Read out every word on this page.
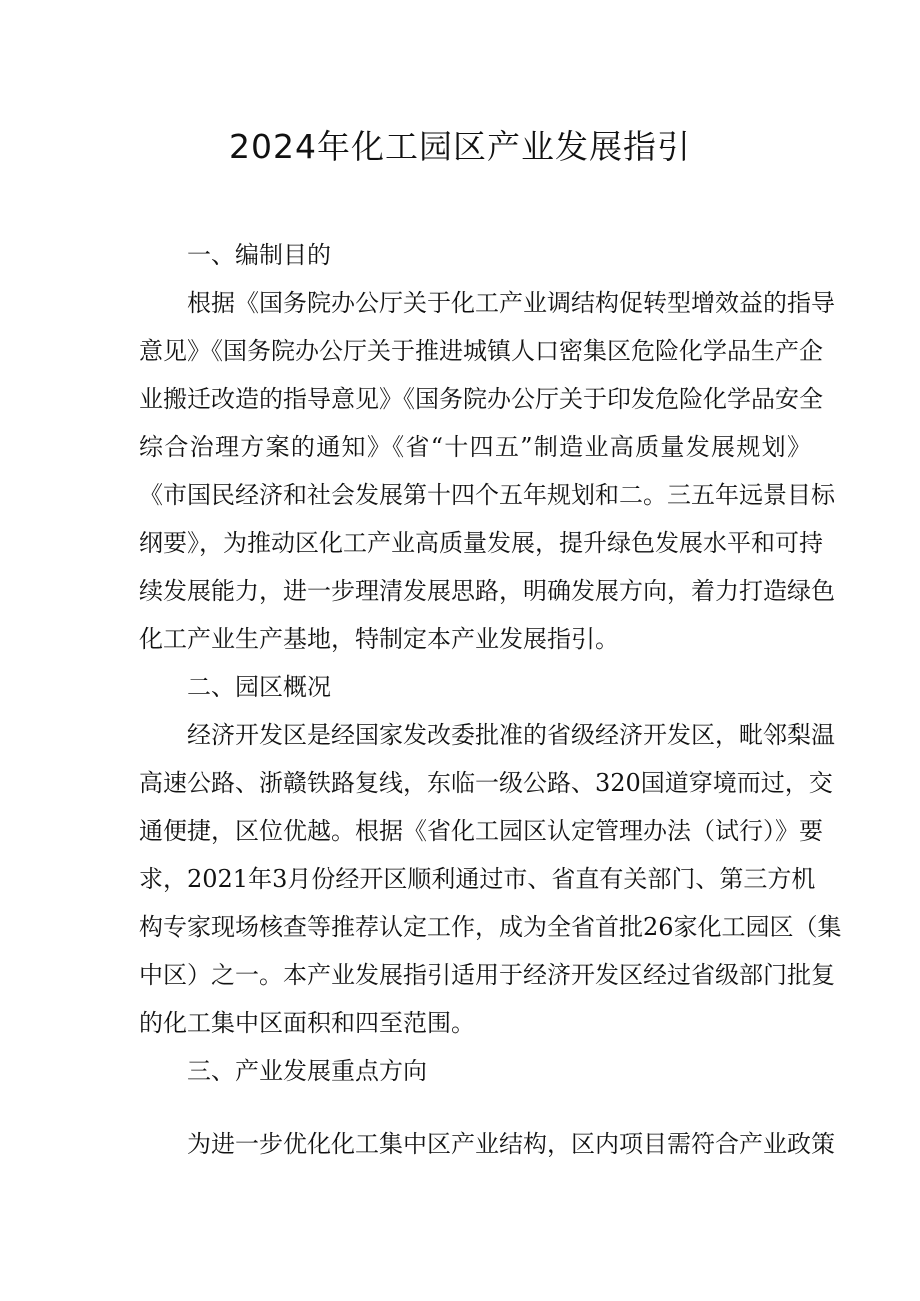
2024年化工园区产业发展指引

一、编制目的

根据《国务院办公厅关于化工产业调结构促转型增效益的指导

意见》《国务院办公厅关于推进城镇人口密集区危险化学品生产企

业搬迁改造的指导意见》《国务院办公厅关于印发危险化学品安全

综合治理方案的通知》《省“十四五”制造业高质量发展规划》

《市国民经济和社会发展第十四个五年规划和二。三五年远景目标

纲要》，为推动区化工产业高质量发展，提升绿色发展水平和可持

续发展能力，进一步理清发展思路，明确发展方向，着力打造绿色

化工产业生产基地，特制定本产业发展指引。

二、园区概况

经济开发区是经国家发改委批准的省级经济开发区，毗邻梨温

高速公路、浙赣铁路复线，东临一级公路、320国道穿境而过，交

通便捷，区位优越。根据《省化工园区认定管理办法（试行）》要

求，2021年3月份经开区顺利通过市、省直有关部门、第三方机

构专家现场核查等推荐认定工作，成为全省首批26家化工园区（集

中区）之一。本产业发展指引适用于经济开发区经过省级部门批复

的化工集中区面积和四至范围。

三、产业发展重点方向

为进一步优化化工集中区产业结构，区内项目需符合产业政策
